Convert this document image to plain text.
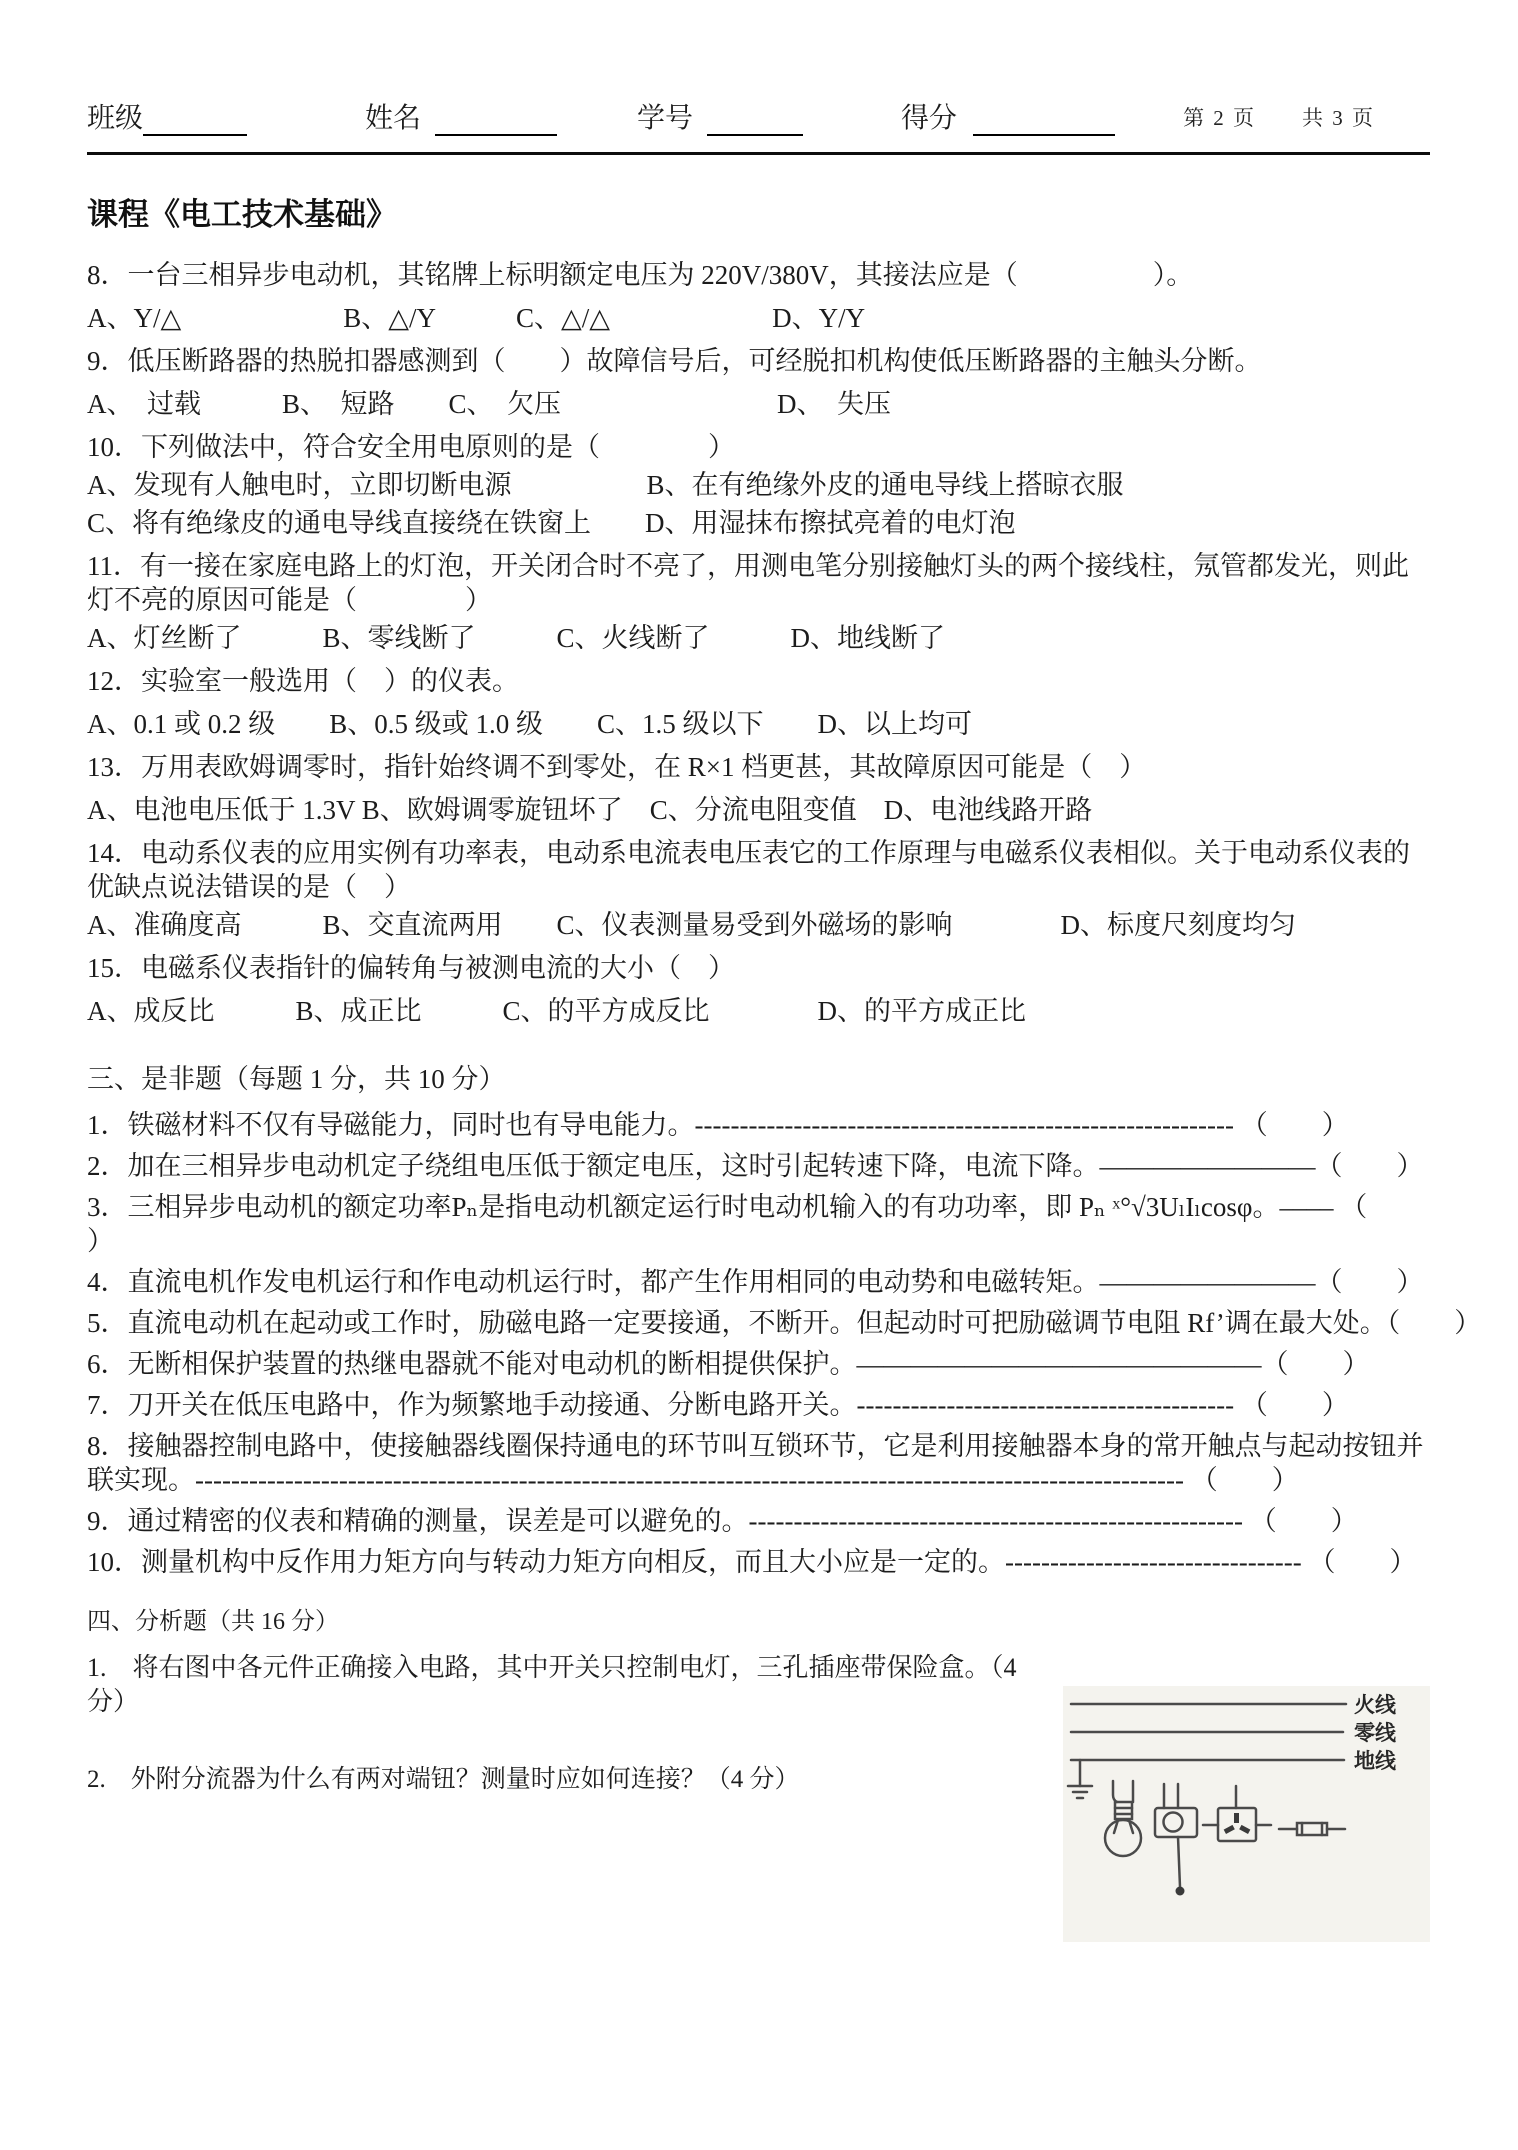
班级	姓名	学号	得分	第 2 页　　共 3 页
课程《电工技术基础》

8．一台三相异步电动机，其铭牌上标明额定电压为 220V/380V，其接法应是（　　　　　）。

A、Y/△　　　　　　B、△/Y　　　C、△/△　　　　　　D、Y/Y

9．低压断路器的热脱扣器感测到（　　）故障信号后，可经脱扣机构使低压断路器的主触头分断。

A、　过载　　　B、　短路　　C、　欠压　　　　　　　　D、　失压

10．下列做法中，符合安全用电原则的是（　　　　）

A、发现有人触电时，立即切断电源　　　　　B、在有绝缘外皮的通电导线上搭晾衣服

C、将有绝缘皮的通电导线直接绕在铁窗上　　D、用湿抹布擦拭亮着的电灯泡

11．有一接在家庭电路上的灯泡，开关闭合时不亮了，用测电笔分别接触灯头的两个接线柱，氖管都发光，则此灯不亮的原因可能是（　　　　）

A、灯丝断了　　　B、零线断了　　　C、火线断了　　　D、地线断了

12．实验室一般选用（　）的仪表。

A、0.1 或 0.2 级　　B、0.5 级或 1.0 级　　C、1.5 级以下　　D、以上均可

13．万用表欧姆调零时，指针始终调不到零处，在 R×1 档更甚，其故障原因可能是（　）

A、电池电压低于 1.3V B、欧姆调零旋钮坏了　C、分流电阻变值　D、电池线路开路

14．电动系仪表的应用实例有功率表，电动系电流表电压表它的工作原理与电磁系仪表相似。关于电动系仪表的优缺点说法错误的是（　）

A、准确度高　　　B、交直流两用　　C、仪表测量易受到外磁场的影响　　　　D、标度尺刻度均匀

15．电磁系仪表指针的偏转角与被测电流的大小（　）

A、成反比　　　B、成正比　　　C、的平方成反比　　　　D、的平方成正比

三、是非题（每题 1 分，共 10 分）

1．铁磁材料不仅有导磁能力，同时也有导电能力。------------------------------------------------------------ （　　）

2．加在三相异步电动机定子绕组电压低于额定电压，这时引起转速下降，电流下降。————————（　　）

3．三相异步电动机的额定功率Pₙ是指电动机额定运行时电动机输入的有功功率，即 Pₙ ˣ°√3UₗIₗcosφ。–––– （　　）

4．直流电机作发电机运行和作电动机运行时，都产生作用相同的电动势和电磁转矩。————————（　　）

5．直流电动机在起动或工作时，励磁电路一定要接通，不断开。但起动时可把励磁调节电阻 Rf’调在最大处。（　　）

6．无断相保护装置的热继电器就不能对电动机的断相提供保护。———————————————（　　）

7．刀开关在低压电路中，作为频繁地手动接通、分断电路开关。------------------------------------------ （　　）

8．接触器控制电路中，使接触器线圈保持通电的环节叫互锁环节，它是利用接触器本身的常开触点与起动按钮并联实现。-------------------------------------------------------------------------------------------------------------- （　　）

9．通过精密的仪表和精确的测量，误差是可以避免的。------------------------------------------------------- （　　）

10．测量机构中反作用力矩方向与转动力矩方向相反，而且大小应是一定的。--------------------------------- （　　）

四、分析题（共 16 分）

1.　将右图中各元件正确接入电路，其中开关只控制电灯，三孔插座带保险盒。（4分）

2.　外附分流器为什么有两对端钮？测量时应如何连接？（4 分）

火线
零线
地线
